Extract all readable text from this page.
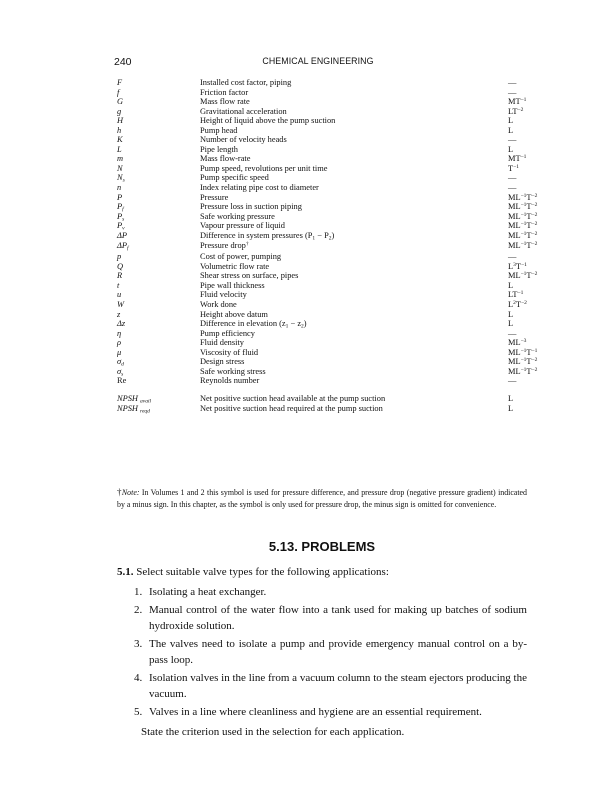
240	CHEMICAL ENGINEERING
F	Installed cost factor, piping	—
f	Friction factor	—
G	Mass flow rate	$MT^{-1}$
g	Gravitational acceleration	$LT^{-2}$
H	Height of liquid above the pump suction	L
h	Pump head	L
K	Number of velocity heads	—
L	Pipe length	L
m	Mass flow-rate	$MT^{-1}$
N	Pump speed, revolutions per unit time	$T^{-1}$
$N_s$	Pump specific speed	—
n	Index relating pipe cost to diameter	—
P	Pressure	$ML^{-1}T^{-2}$
$P_f$	Pressure loss in suction piping	$ML^{-1}T^{-2}$
$P_s$	Safe working pressure	$ML^{-1}T^{-2}$
$P_v$	Vapour pressure of liquid	$ML^{-1}T^{-2}$
ΔP	Difference in system pressures $(P_1 - P_2)$	$ML^{-1}T^{-2}$
$\Delta P_f$	Pressure drop†	$ML^{-1}T^{-2}$
p	Cost of power, pumping	—
Q	Volumetric flow rate	$L^3T^{-1}$
R	Shear stress on surface, pipes	$ML^{-1}T^{-2}$
t	Pipe wall thickness	L
u	Fluid velocity	$LT^{-1}$
W	Work done	$L^2T^{-2}$
z	Height above datum	L
Δz	Difference in elevation $(z_1 - z_2)$	L
η	Pump efficiency	—
ρ	Fluid density	$ML^{-3}$
μ	Viscosity of fluid	$ML^{-1}T^{-1}$
$\sigma_d$	Design stress	$ML^{-1}T^{-2}$
$\sigma_s$	Safe working stress	$ML^{-1}T^{-2}$
Re	Reynolds number	—
NPSH $_{avail}$	Net positive suction head available at the pump suction	L
NPSH $_{reqd}$	Net positive suction head required at the pump suction	L
†Note: In Volumes 1 and 2 this symbol is used for pressure difference, and pressure drop (negative pressure gradient) indicated by a minus sign. In this chapter, as the symbol is only used for pressure drop, the minus sign is omitted for convenience.
5.13. PROBLEMS
5.1. Select suitable valve types for the following applications:
1. Isolating a heat exchanger.
2. Manual control of the water flow into a tank used for making up batches of sodium hydroxide solution.
3. The valves need to isolate a pump and provide emergency manual control on a by-pass loop.
4. Isolation valves in the line from a vacuum column to the steam ejectors producing the vacuum.
5. Valves in a line where cleanliness and hygiene are an essential requirement.
State the criterion used in the selection for each application.
